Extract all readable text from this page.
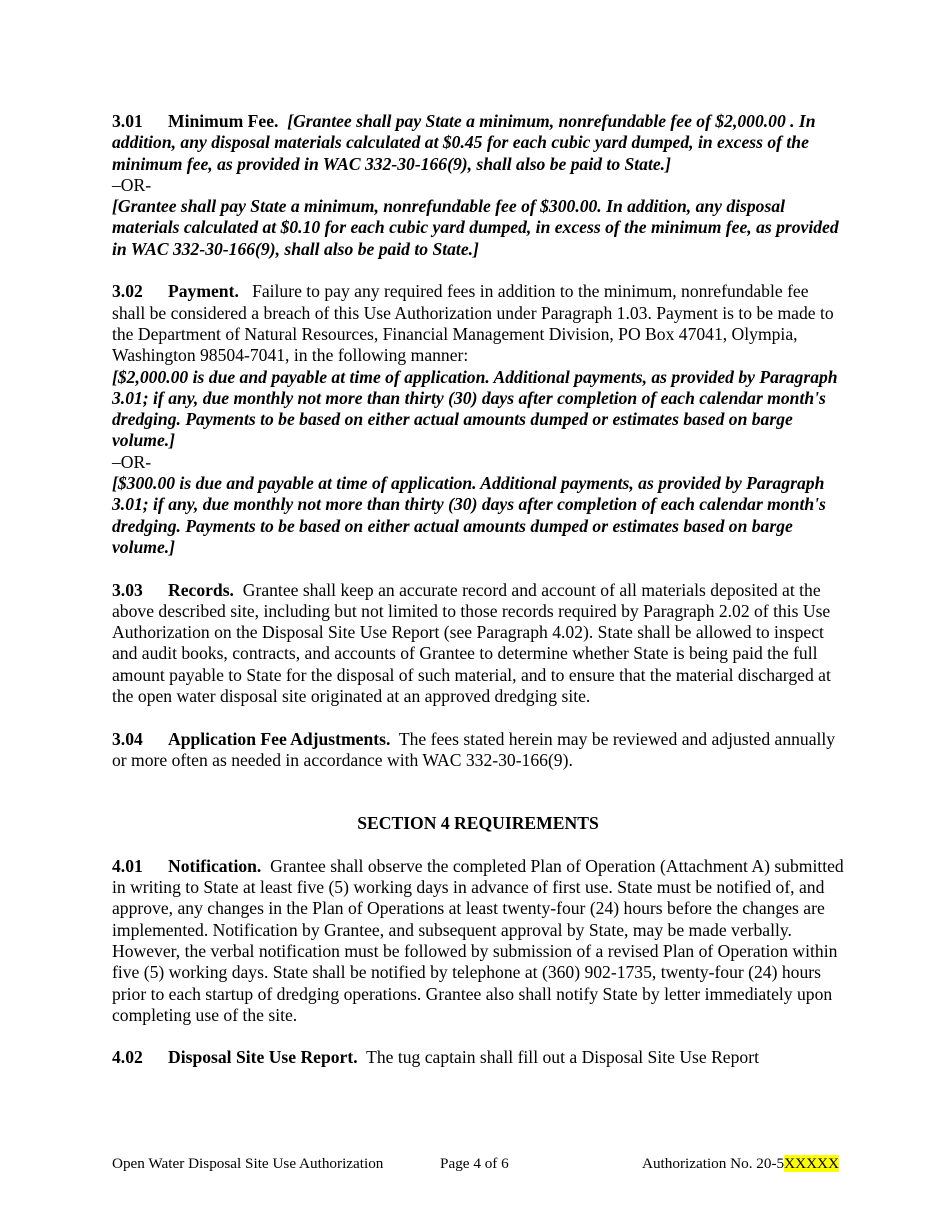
3.01 Minimum Fee. [Grantee shall pay State a minimum, nonrefundable fee of $2,000.00 . In addition, any disposal materials calculated at $0.45 for each cubic yard dumped, in excess of the minimum fee, as provided in WAC 332-30-166(9), shall also be paid to State.]

–OR-

[Grantee shall pay State a minimum, nonrefundable fee of $300.00. In addition, any disposal materials calculated at $0.10 for each cubic yard dumped, in excess of the minimum fee, as provided in WAC 332-30-166(9), shall also be paid to State.]

3.02 Payment. Failure to pay any required fees in addition to the minimum, nonrefundable fee shall be considered a breach of this Use Authorization under Paragraph 1.03. Payment is to be made to the Department of Natural Resources, Financial Management Division, PO Box 47041, Olympia, Washington 98504-7041, in the following manner:

[$2,000.00 is due and payable at time of application. Additional payments, as provided by Paragraph 3.01; if any, due monthly not more than thirty (30) days after completion of each calendar month's dredging. Payments to be based on either actual amounts dumped or estimates based on barge volume.]

–OR-

[$300.00 is due and payable at time of application. Additional payments, as provided by Paragraph 3.01; if any, due monthly not more than thirty (30) days after completion of each calendar month's dredging. Payments to be based on either actual amounts dumped or estimates based on barge volume.]

3.03 Records. Grantee shall keep an accurate record and account of all materials deposited at the above described site, including but not limited to those records required by Paragraph 2.02 of this Use Authorization on the Disposal Site Use Report (see Paragraph 4.02). State shall be allowed to inspect and audit books, contracts, and accounts of Grantee to determine whether State is being paid the full amount payable to State for the disposal of such material, and to ensure that the material discharged at the open water disposal site originated at an approved dredging site.

3.04 Application Fee Adjustments. The fees stated herein may be reviewed and adjusted annually or more often as needed in accordance with WAC 332-30-166(9).

SECTION 4 REQUIREMENTS

4.01 Notification. Grantee shall observe the completed Plan of Operation (Attachment A) submitted in writing to State at least five (5) working days in advance of first use. State must be notified of, and approve, any changes in the Plan of Operations at least twenty-four (24) hours before the changes are implemented. Notification by Grantee, and subsequent approval by State, may be made verbally. However, the verbal notification must be followed by submission of a revised Plan of Operation within five (5) working days. State shall be notified by telephone at (360) 902-1735, twenty-four (24) hours prior to each startup of dredging operations. Grantee also shall notify State by letter immediately upon completing use of the site.

4.02 Disposal Site Use Report. The tug captain shall fill out a Disposal Site Use Report

Open Water Disposal Site Use Authorization	Page 4 of 6	Authorization No. 20-5XXXXX
